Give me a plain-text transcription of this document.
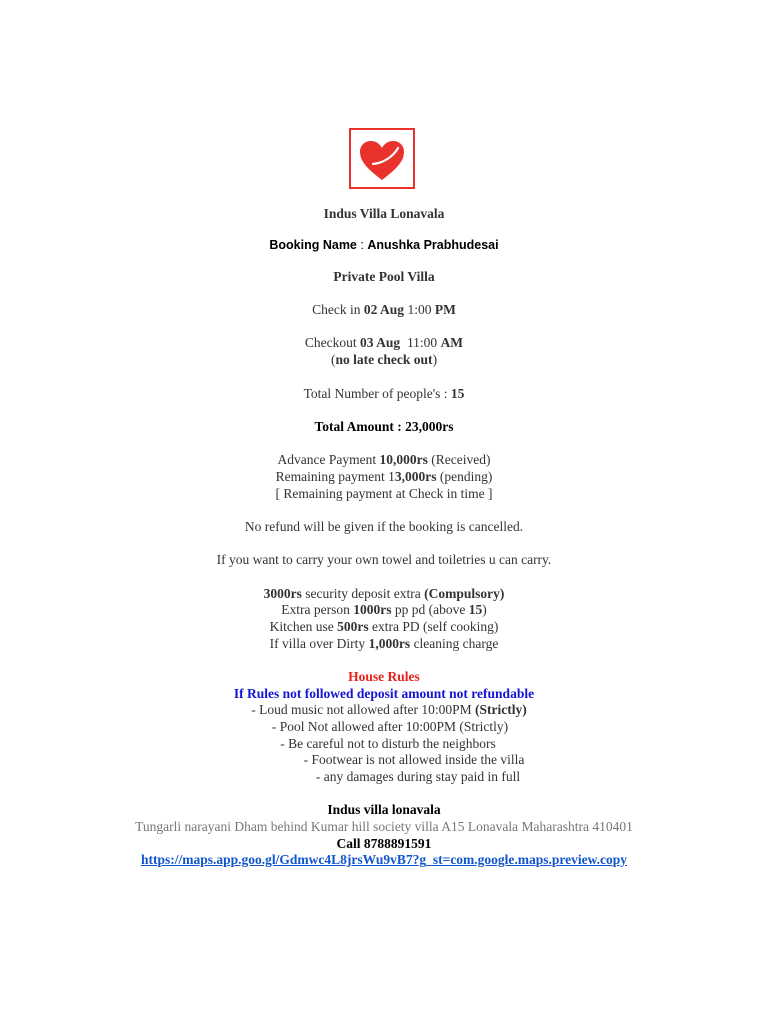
Indus Villa Lonavala
Booking Name : Anushka Prabhudesai
Private Pool Villa
Check in 02 Aug 1:00 PM
Checkout 03 Aug  11:00 AM
(no late check out)
Total Number of people's : 15
Total Amount : 23,000rs
Advance Payment 10,000rs (Received)
Remaining payment 13,000rs (pending)
[ Remaining payment at Check in time ]
No refund will be given if the booking is cancelled.
If you want to carry your own towel and toiletries u can carry.
3000rs security deposit extra (Compulsory)
Extra person 1000rs pp pd (above 15)
Kitchen use 500rs extra PD (self cooking)
If villa over Dirty 1,000rs cleaning charge
House Rules
If Rules not followed deposit amount not refundable
- Loud music not allowed after 10:00PM (Strictly)
- Pool Not allowed after 10:00PM (Strictly)
- Be careful not to disturb the neighbors
- Footwear is not allowed inside the villa
- any damages during stay paid in full
Indus villa lonavala
Tungarli narayani Dham behind Kumar hill society villa A15 Lonavala Maharashtra 410401
Call 8788891591
https://maps.app.goo.gl/Gdmwc4L8jrsWu9vB7?g_st=com.google.maps.preview.copy
